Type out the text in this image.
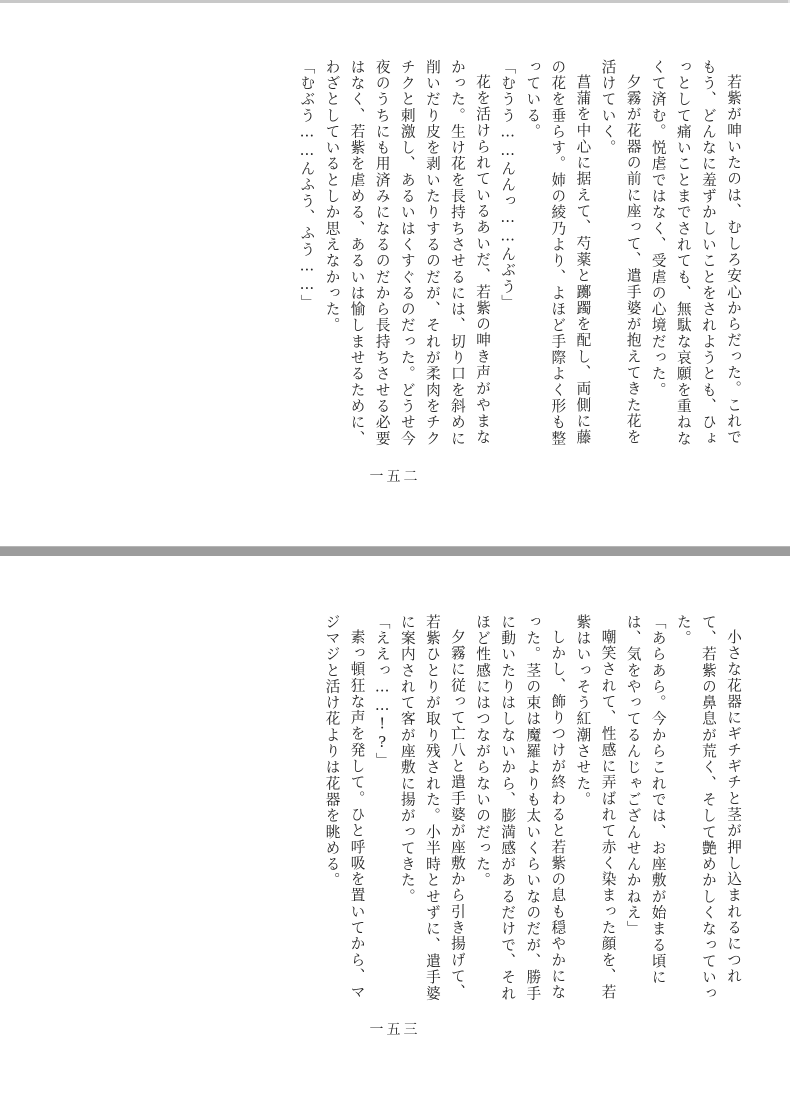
若紫が呻いたのは、むしろ安心からだった。これでもう、どんなに羞ずかしいことをされようとも、ひょっとして痛いことまでされても、無駄な哀願を重ねなくて済む。悦虐ではなく、受虐の心境だった。

夕霧が花器の前に座って、遣手婆が抱えてきた花を活けていく。

菖蒲を中心に据えて、芍薬と躑躅を配し、両側に藤の花を垂らす。姉の綾乃より、よほど手際よく形も整っている。

「むうう……んんっ……んぶう」

花を活けられているあいだ、若紫の呻き声がやまなかった。生け花を長持ちさせるには、切り口を斜めに削いだり皮を剥いたりするのだが、それが柔肉をチクチクと刺激し、あるいはくすぐるのだった。どうせ今夜のうちにも用済みになるのだから長持ちさせる必要はなく、若紫を虐める、あるいは愉しませるために、わざとしているとしか思えなかった。

「むぶう……んふう、ふう……」

一五二

小さな花器にギチギチと茎が押し込まれるにつれて、若紫の鼻息が荒く、そして艶めかしくなっていった。

「あらあら。今からこれでは、お座敷が始まる頃には、気をやってるんじゃござんせんかねえ」

嘲笑されて、性感に弄ばれて赤く染まった顔を、若紫はいっそう紅潮させた。

しかし、飾りつけが終わると若紫の息も穏やかになった。茎の束は魔羅よりも太いくらいなのだが、勝手に動いたりはしないから、膨満感があるだけで、それほど性感にはつながらないのだった。

夕霧に従って亡八と遣手婆が座敷から引き揚げて、若紫ひとりが取り残された。小半時とせずに、遣手婆に案内されて客が座敷に揚がってきた。

「ええっ……!?」

素っ頓狂な声を発して。ひと呼吸を置いてから、マジマジと活け花よりは花器を眺める。

一五三
